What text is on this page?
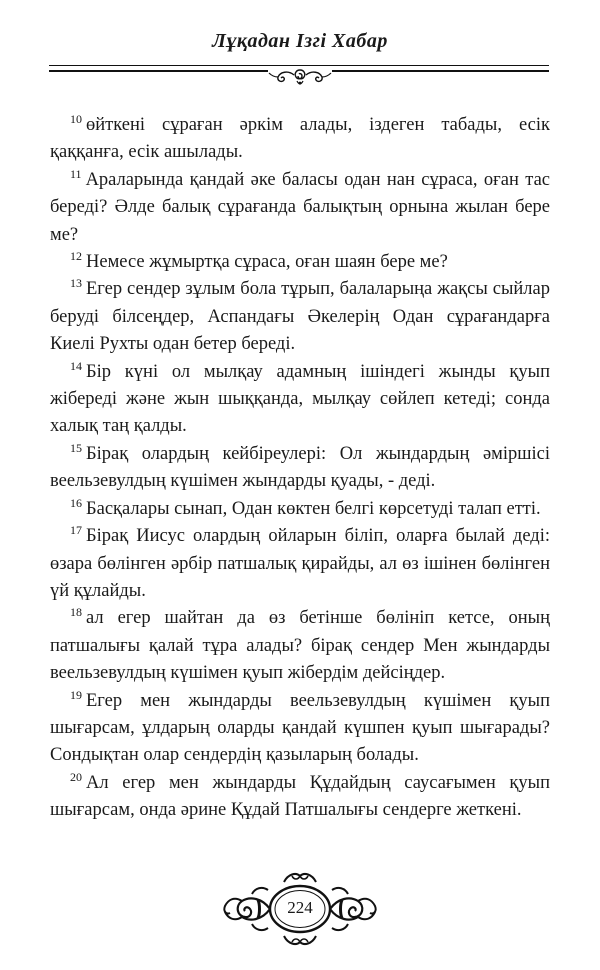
Лұқадан Ізгі Хабар

$^{10}$ өйткені сұраған әркім алады, іздеген табады, есік қаққанға, есік ашылады.

$^{11}$ Араларында қандай әке баласы одан нан сұраса, оған тас береді? Әлде балық сұрағанда балықтың орнына жылан бере ме?

$^{12}$ Немесе жұмыртқа сұраса, оған шаян бере ме?

$^{13}$ Егер сендер зұлым бола тұрып, балаларыңа жақсы сыйлар беруді білсеңдер, Аспандағы Әкелерің Одан сұрағандарға Киелі Рухты одан бетер береді.

$^{14}$ Бір күні ол мылқау адамның ішіндегі жынды қуып жібереді және жын шыққанда, мылқау сөйлеп кетеді; сонда халық таң қалды.

$^{15}$ Бірақ олардың кейбіреулері: Ол жындардың әміршісі веельзевулдың күшімен жындарды қуады, - деді.

$^{16}$ Басқалары сынап, Одан көктен белгі көрсетуді талап етті.

$^{17}$ Бірақ Иисус олардың ойларын біліп, оларға былай деді: өзара бөлінген әрбір патшалық қирайды, ал өз ішінен бөлінген үй құлайды.

$^{18}$ ал егер шайтан да өз бетінше бөлініп кетсе, оның патшалығы қалай тұра алады? бірақ сендер Мен жындарды веельзевулдың күшімен қуып жібердім дейсіңдер.

$^{19}$ Егер мен жындарды веельзевулдың күшімен қуып шығарсам, ұлдарың оларды қандай күшпен қуып шығарады? Сондықтан олар сендердің қазыларың болады.

$^{20}$ Ал егер мен жындарды Құдайдың саусағымен қуып шығарсам, онда әрине Құдай Патшалығы сендерге жеткені.

224
